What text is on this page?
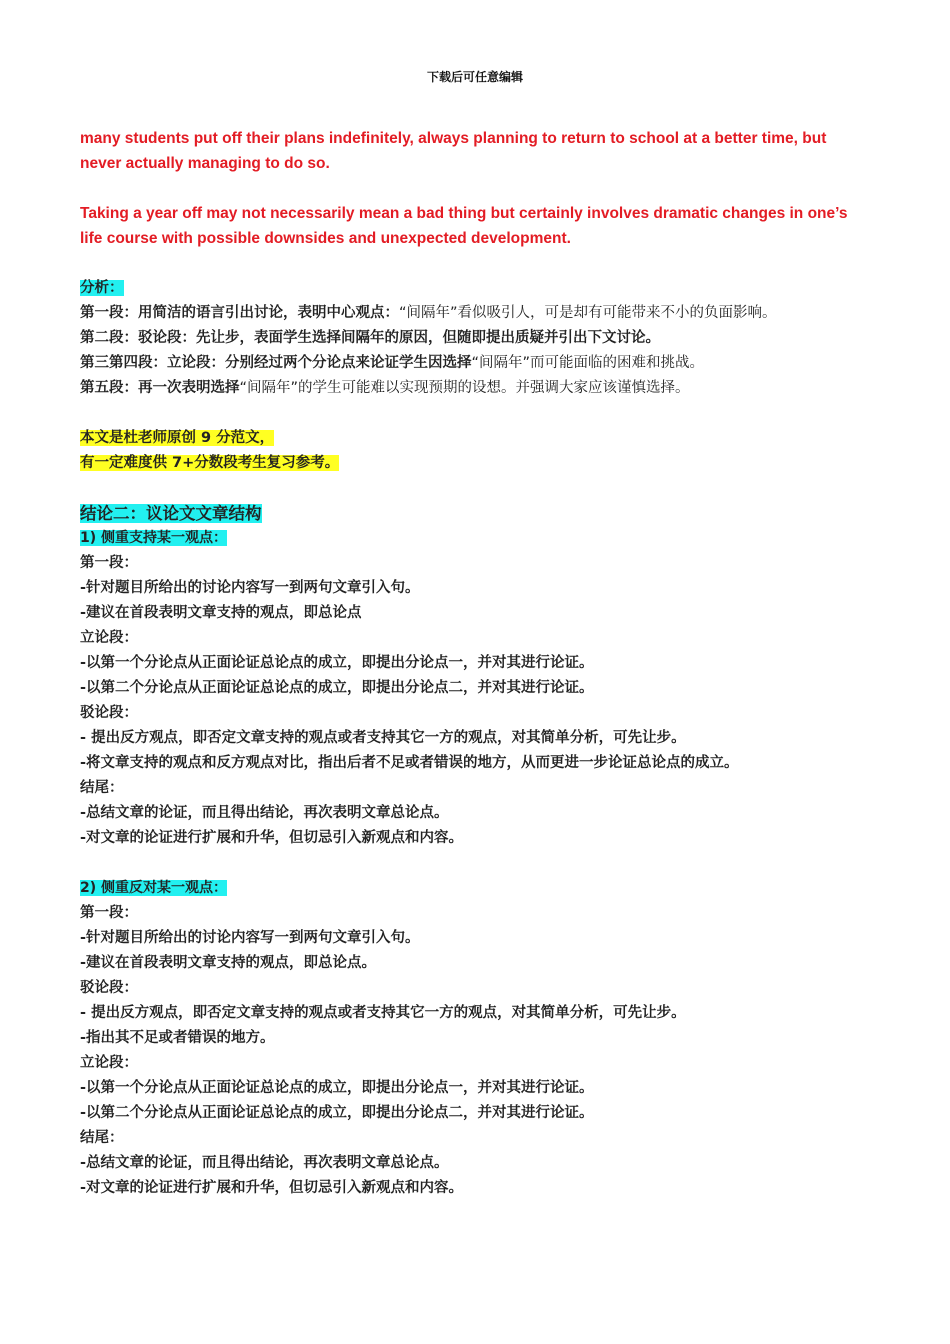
下载后可任意编辑

many students put off their plans indefinitely, always planning to return to school at a better time, but never actually managing to do so.

Taking a year off may not necessarily mean a bad thing but certainly involves dramatic changes in one’s life course with possible downsides and unexpected development.

分析：

第一段：用简洁的语言引出讨论，表明中心观点：“间隔年”看似吸引人，可是却有可能带来不小的负面影响。

第二段：驳论段：先让步，表面学生选择间隔年的原因，但随即提出质疑并引出下文讨论。

第三第四段：立论段：分别经过两个分论点来论证学生因选择“间隔年”而可能面临的困难和挑战。

第五段：再一次表明选择“间隔年”的学生可能难以实现预期的设想。并强调大家应该谨慎选择。

本文是杜老师原创 9 分范文，

有一定难度供 7+分数段考生复习参考。

结论二：议论文文章结构

1) 侧重支持某一观点：

第一段：

-针对题目所给出的讨论内容写一到两句文章引入句。

-建议在首段表明文章支持的观点，即总论点

立论段：

-以第一个分论点从正面论证总论点的成立，即提出分论点一，并对其进行论证。

-以第二个分论点从正面论证总论点的成立，即提出分论点二，并对其进行论证。

驳论段：

- 提出反方观点，即否定文章支持的观点或者支持其它一方的观点，对其简单分析，可先让步。

-将文章支持的观点和反方观点对比，指出后者不足或者错误的地方，从而更进一步论证总论点的成立。

结尾：

-总结文章的论证，而且得出结论，再次表明文章总论点。

-对文章的论证进行扩展和升华，但切忌引入新观点和内容。

2) 侧重反对某一观点：

第一段：

-针对题目所给出的讨论内容写一到两句文章引入句。

-建议在首段表明文章支持的观点，即总论点。

驳论段：

- 提出反方观点，即否定文章支持的观点或者支持其它一方的观点，对其简单分析，可先让步。

-指出其不足或者错误的地方。

立论段：

-以第一个分论点从正面论证总论点的成立，即提出分论点一，并对其进行论证。

-以第二个分论点从正面论证总论点的成立，即提出分论点二，并对其进行论证。

结尾：

-总结文章的论证，而且得出结论，再次表明文章总论点。

-对文章的论证进行扩展和升华，但切忌引入新观点和内容。
